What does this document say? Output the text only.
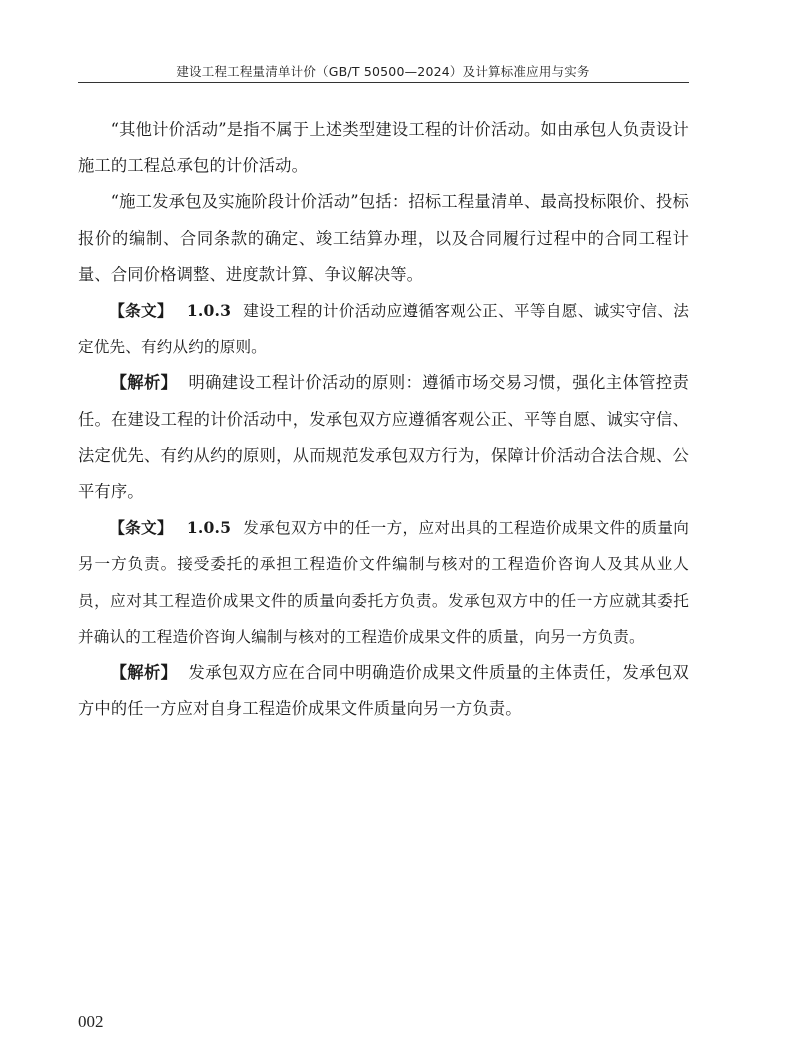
建设工程工程量清单计价（GB/T 50500—2024）及计算标准应用与实务

“其他计价活动”是指不属于上述类型建设工程的计价活动。如由承包人负责设计施工的工程总承包的计价活动。

“施工发承包及实施阶段计价活动”包括：招标工程量清单、最高投标限价、投标报价的编制、合同条款的确定、竣工结算办理，以及合同履行过程中的合同工程计量、合同价格调整、进度款计算、争议解决等。

【条文】 1.0.3 建设工程的计价活动应遵循客观公正、平等自愿、诚实守信、法定优先、有约从约的原则。

【解析】 明确建设工程计价活动的原则：遵循市场交易习惯，强化主体管控责任。在建设工程的计价活动中，发承包双方应遵循客观公正、平等自愿、诚实守信、法定优先、有约从约的原则，从而规范发承包双方行为，保障计价活动合法合规、公平有序。

【条文】 1.0.5 发承包双方中的任一方，应对出具的工程造价成果文件的质量向另一方负责。接受委托的承担工程造价文件编制与核对的工程造价咨询人及其从业人员，应对其工程造价成果文件的质量向委托方负责。发承包双方中的任一方应就其委托并确认的工程造价咨询人编制与核对的工程造价成果文件的质量，向另一方负责。

【解析】 发承包双方应在合同中明确造价成果文件质量的主体责任，发承包双方中的任一方应对自身工程造价成果文件质量向另一方负责。

002
